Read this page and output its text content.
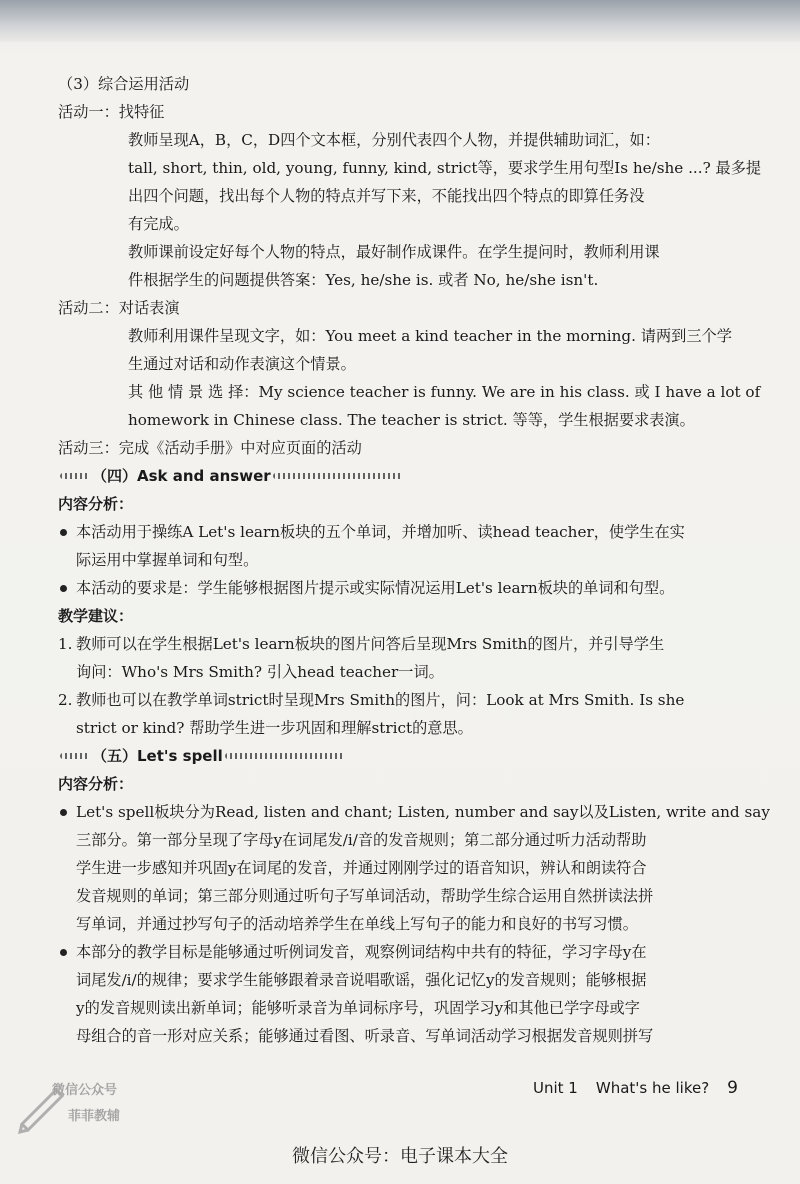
（3）综合运用活动
活动一：找特征
教师呈现A，B，C，D四个文本框，分别代表四个人物，并提供辅助词汇，如：
tall, short, thin, old, young, funny, kind, strict等，要求学生用句型Is he/she ...? 最多提
出四个问题，找出每个人物的特点并写下来，不能找出四个特点的即算任务没
有完成。
教师课前设定好每个人物的特点，最好制作成课件。在学生提问时，教师利用课
件根据学生的问题提供答案：Yes, he/she is. 或者 No, he/she isn't.
活动二：对话表演
教师利用课件呈现文字，如：You meet a kind teacher in the morning. 请两到三个学
生通过对话和动作表演这个情景。
其 他 情 景 选 择：My science teacher is funny. We are in his class. 或 I have a lot of
homework in Chinese class. The teacher is strict. 等等，学生根据要求表演。
活动三：完成《活动手册》中对应页面的活动
（四）Ask and answer
内容分析：
本活动用于操练A Let's learn板块的五个单词，并增加听、读head teacher，使学生在实
际运用中掌握单词和句型。
本活动的要求是：学生能够根据图片提示或实际情况运用Let's learn板块的单词和句型。
教学建议：
1. 教师可以在学生根据Let's learn板块的图片问答后呈现Mrs Smith的图片，并引导学生
询问：Who's Mrs Smith? 引入head teacher一词。
2. 教师也可以在教学单词strict时呈现Mrs Smith的图片，问：Look at Mrs Smith. Is she
strict or kind? 帮助学生进一步巩固和理解strict的意思。
（五）Let's spell
内容分析：
Let's spell板块分为Read, listen and chant; Listen, number and say以及Listen, write and say
三部分。第一部分呈现了字母y在词尾发/i/音的发音规则；第二部分通过听力活动帮助
学生进一步感知并巩固y在词尾的发音，并通过刚刚学过的语音知识，辨认和朗读符合
发音规则的单词；第三部分则通过听句子写单词活动，帮助学生综合运用自然拼读法拼
写单词，并通过抄写句子的活动培养学生在单线上写句子的能力和良好的书写习惯。
本部分的教学目标是能够通过听例词发音，观察例词结构中共有的特征，学习字母y在
词尾发/i/的规律；要求学生能够跟着录音说唱歌谣，强化记忆y的发音规则；能够根据
y的发音规则读出新单词；能够听录音为单词标序号，巩固学习y和其他已学字母或字
母组合的音一形对应关系；能够通过看图、听录音、写单词活动学习根据发音规则拼写
微信公众号
菲菲教辅
Unit 1 What's he like? 9
微信公众号：电子课本大全
